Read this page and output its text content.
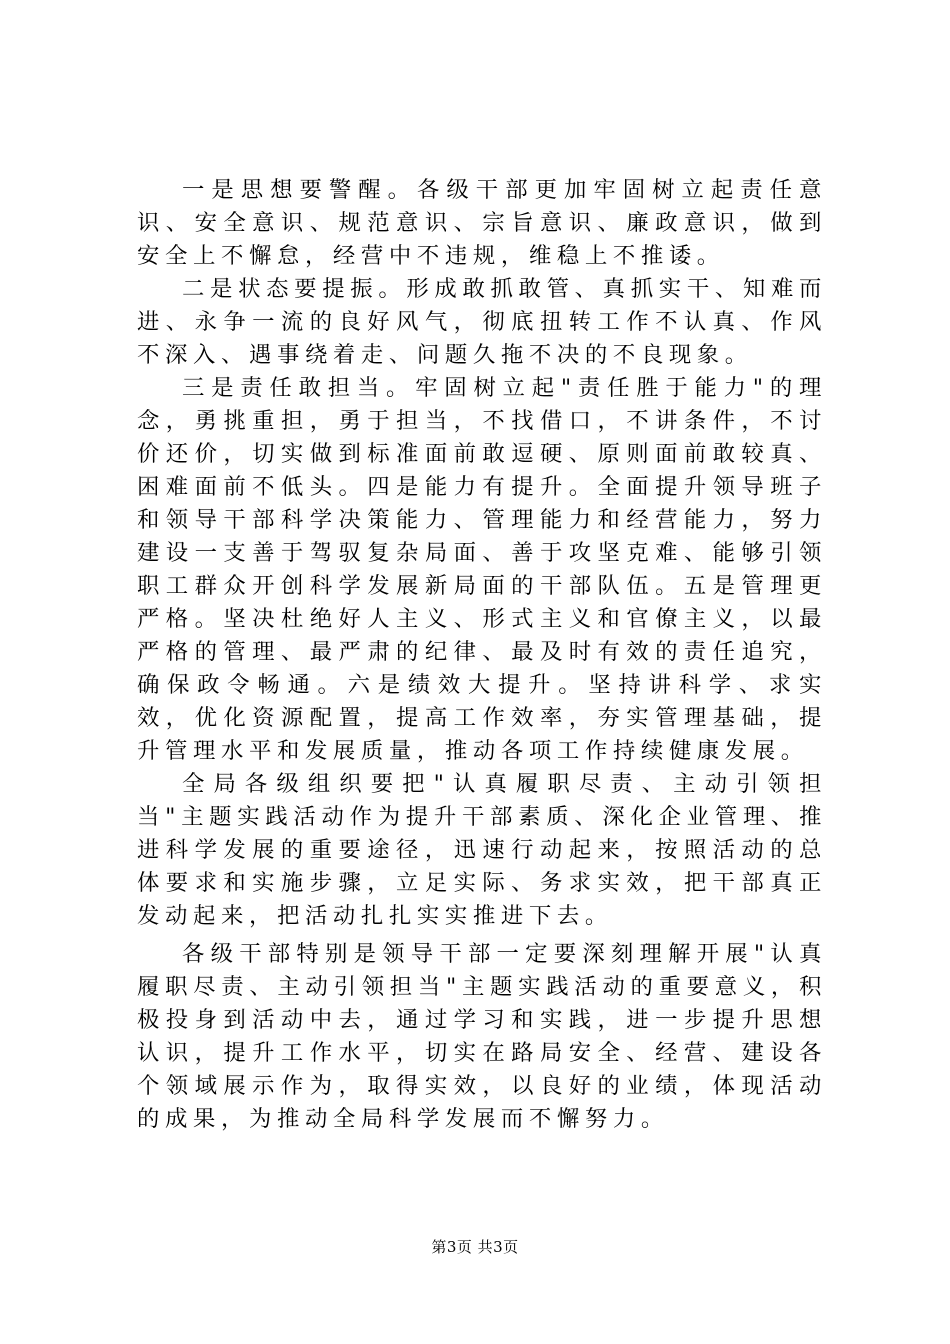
一是思想要警醒。各级干部更加牢固树立起责任意识、安全意识、规范意识、宗旨意识、廉政意识，做到安全上不懈怠，经营中不违规，维稳上不推诿。

二是状态要提振。形成敢抓敢管、真抓实干、知难而进、永争一流的良好风气，彻底扭转工作不认真、作风不深入、遇事绕着走、问题久拖不决的不良现象。

三是责任敢担当。牢固树立起"责任胜于能力"的理念，勇挑重担，勇于担当，不找借口，不讲条件，不讨价还价，切实做到标准面前敢逗硬、原则面前敢较真、困难面前不低头。四是能力有提升。全面提升领导班子和领导干部科学决策能力、管理能力和经营能力，努力建设一支善于驾驭复杂局面、善于攻坚克难、能够引领职工群众开创科学发展新局面的干部队伍。五是管理更严格。坚决杜绝好人主义、形式主义和官僚主义，以最严格的管理、最严肃的纪律、最及时有效的责任追究，确保政令畅通。六是绩效大提升。坚持讲科学、求实效，优化资源配置，提高工作效率，夯实管理基础，提升管理水平和发展质量，推动各项工作持续健康发展。

全局各级组织要把"认真履职尽责、主动引领担当"主题实践活动作为提升干部素质、深化企业管理、推进科学发展的重要途径，迅速行动起来，按照活动的总体要求和实施步骤，立足实际、务求实效，把干部真正发动起来，把活动扎扎实实推进下去。

各级干部特别是领导干部一定要深刻理解开展"认真履职尽责、主动引领担当"主题实践活动的重要意义，积极投身到活动中去，通过学习和实践，进一步提升思想认识，提升工作水平，切实在路局安全、经营、建设各个领域展示作为，取得实效，以良好的业绩，体现活动的成果，为推动全局科学发展而不懈努力。

第3页 共3页
